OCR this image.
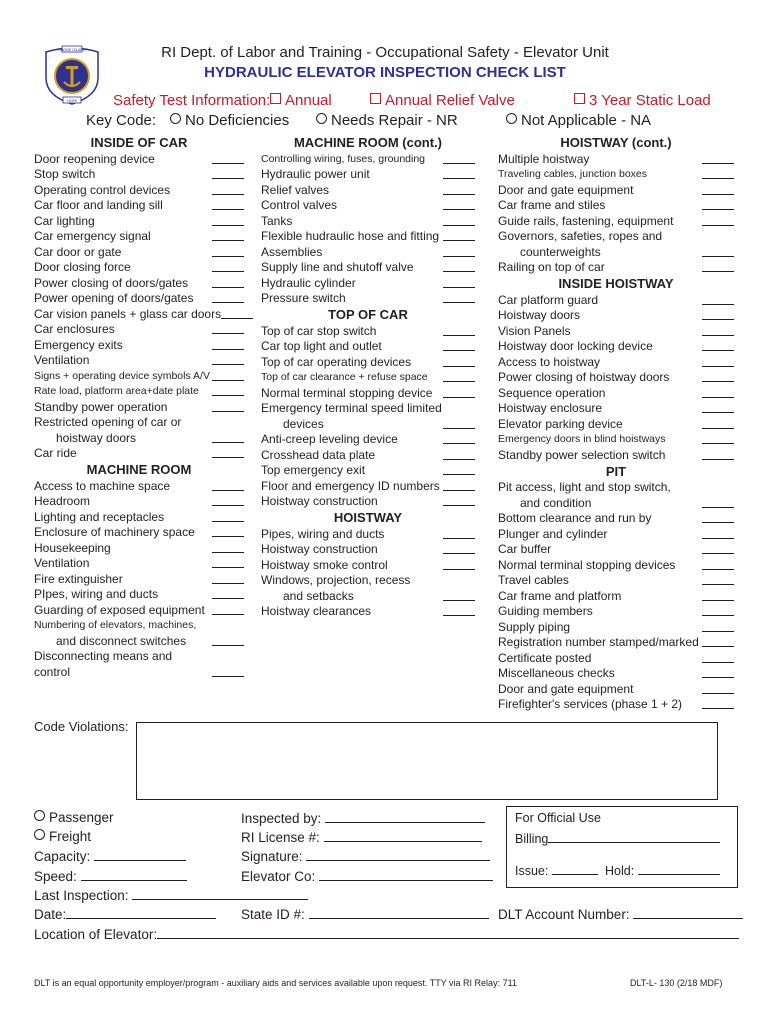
RHODE ISLAND
HOPE
RI Dept. of Labor and Training - Occupational Safety - Elevator Unit
HYDRAULIC ELEVATOR INSPECTION CHECK LIST
Safety Test Information: Annual	Annual Relief Valve	3 Year Static Load
Key Code:	No Deficiencies	Needs Repair - NR	Not Applicable - NA
INSIDE OF CAR
Door reopening device
Stop switch
Operating control devices
Car floor and landing sill
Car lighting
Car emergency signal
Car door or gate
Door closing force
Power closing of doors/gates
Power opening of doors/gates
Car vision panels + glass car doors
Car enclosures
Emergency exits
Ventilation
Signs + operating device symbols A/V
Rate load, platform area+date plate
Standby power operation
Restricted opening of car or
hoistway doors
Car ride
MACHINE ROOM
Access to machine space
Headroom
Lighting and receptacles
Enclosure of machinery space
Housekeeping
Ventilation
Fire extinguisher
PIpes, wiring and ducts
Guarding of exposed equipment
Numbering of elevators, machines,
and disconnect switches
Disconnecting means and
control
MACHINE ROOM (cont.)
Controlling wiring, fuses, grounding
Hydraulic power unit
Relief valves
Control valves
Tanks
Flexible hudraulic hose and fitting
Assemblies
Supply line and shutoff valve
Hydraulic cylinder
Pressure switch
TOP OF CAR
Top of car stop switch
Car top light and outlet
Top of car operating devices
Top of car clearance + refuse space
Normal terminal stopping device
Emergency terminal speed limited
devices
Anti-creep leveling device
Crosshead data plate
Top emergency exit
Floor and emergency ID numbers
Hoistway construction
HOISTWAY
Pipes, wiring and ducts
Hoistway construction
Hoistway smoke control
Windows, projection, recess
and setbacks
Hoistway clearances
HOISTWAY (cont.)
Multiple hoistway
Traveling cables, junction boxes
Door and gate equipment
Car frame and stiles
Guide rails, fastening, equipment
Governors, safeties, ropes and
counterweights
Railing on top of car
INSIDE HOISTWAY
Car platform guard
Hoistway doors
Vision Panels
Hoistway door locking device
Access to hoistway
Power closing of hoistway doors
Sequence operation
Hoistway enclosure
Elevator parking device
Emergency doors in blind hoistways
Standby power selection switch
PIT
Pit access, light and stop switch,
and condition
Bottom clearance and run by
Plunger and cylinder
Car buffer
Normal terminal stopping devices
Travel cables
Car frame and platform
Guiding members
Supply piping
Registration number stamped/marked
Certificate posted
Miscellaneous checks
Door and gate equipment
Firefighter's services (phase 1 + 2)
Code Violations:
Passenger
Freight
Capacity:
Speed:
Last Inspection:
Date:
Location of Elevator:
Inspected by:
RI License #:
Signature:
Elevator Co:
State ID #:	DLT Account Number:
For Official Use
Billing
Issue:	Hold:
DLT is an equal opportunity employer/program - auxiliary aids and services available upon request. TTY via RI Relay: 711	DLT-L- 130 (2/18 MDF)
